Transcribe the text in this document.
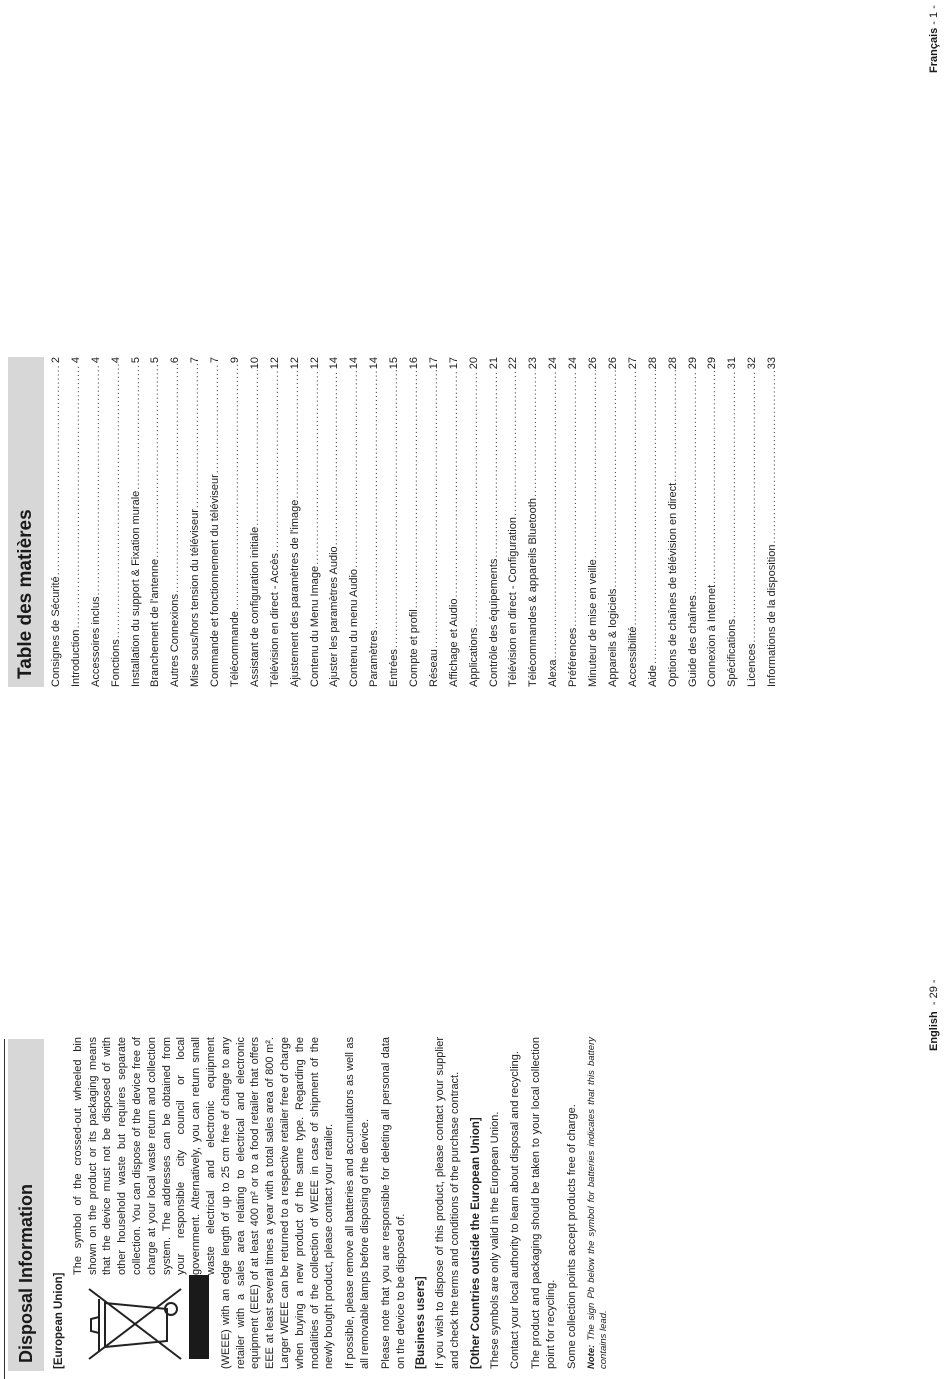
Disposal Information	[European Union]

The symbol of the crossed-out wheeled bin shown on the product or its packaging means that the device must not be disposed of with other household waste but requires separate collection. You can dispose of the device free of charge at your local waste return and collection system. The addresses can be obtained from your responsible city council or local government. Alternatively, you can return small waste electrical and electronic equipment (WEEE) with an edge length of up to 25 cm free of charge to any retailer with a sales area relating to electrical and electronic equipment (EEE) of at least 400 m² or to a food retailer that offers EEE at least several times a year with a total sales area of 800 m². Larger WEEE can be returned to a respective retailer free of charge when buying a new product of the same type. Regarding the modalities of the collection of WEEE in case of shipment of the newly bought product, please contact your retailer. If possible, please remove all batteries and accumulators as well as all removable lamps before disposing of the device. Please note that you are responsible for deleting all personal data on the device to be disposed of. [Business users] If you wish to dispose of this product, please contact your supplier and check the terms and conditions of the purchase contract. [Other Countries outside the European Union] These symbols are only valid in the European Union. Contact your local authority to learn about disposal and recycling. The product and packaging should be taken to your local collection point for recycling. Some collection points accept products free of charge. Note: The sign Pb below the symbol for batteries indicates that this battery contains lead.

English  - 29 -
Table des matières	Consignes de Sécurité
.....
2
Introduction
.....
4
Accessoires inclus
.....
4
Fonctions
.....
4
Installation du support & Fixation murale
.....
5
Branchement de l'antenne
.....
5
Autres Connexions
.....
6
Mise sous/hors tension du téléviseur
.....
7
Commande et fonctionnement du téléviseur
.....
7
Télécommande
.....
9
Assistant de configuration initiale
.....
10
Télévision en direct - Accès
.....
12
Ajustement des paramètres de l'image
.....
12
Contenu du Menu Image
.....
12
Ajuster les paramètres Audio
.....
14
Contenu du menu Audio
.....
14
Paramètres
.....
14
Entrées
.....
15
Compte et profil
.....
16
Réseau
.....
17
Affichage et Audio
.....
17
Applications
.....
20
Contrôle des équipements
.....
21
Télévision en direct - Configuration
.....
22
Télécommandes & appareils Bluetooth
.....
23
Alexa
.....
24
Préférences
.....
24
Minuteur de mise en veille
.....
26
Appareils & logiciels
.....
26
Accessibilité
.....
27
Aide
.....
28
Options de chaînes de télévision en direct
.....
28
Guide des chaînes
.....
29
Connexion à Internet
.....
29
Spécifications
.....
31
Licences
.....
32
Informations de la disposition
.....
33
Français - 1 -
